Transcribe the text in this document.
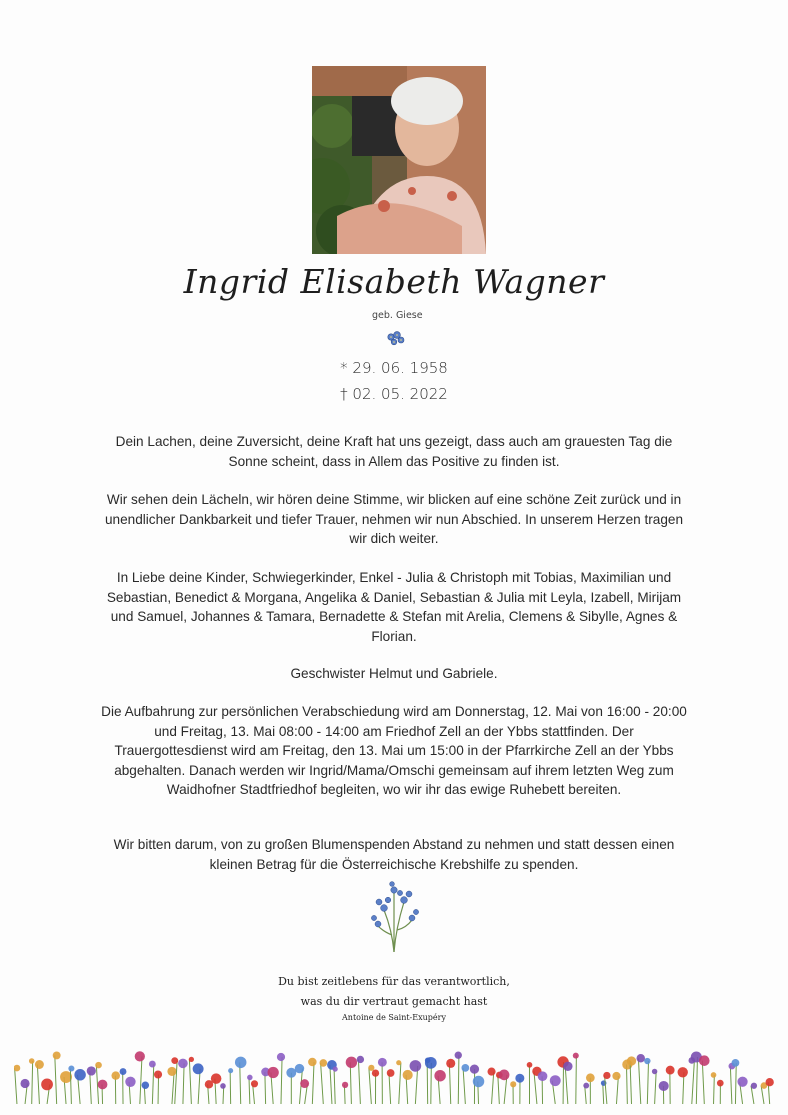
Ingrid Elisabeth Wagner
geb. Giese
* 29. 06. 1958
† 02. 05. 2022
Dein Lachen, deine Zuversicht, deine Kraft hat uns gezeigt, dass auch am grauesten Tag die Sonne scheint, dass in Allem das Positive zu finden ist.
Wir sehen dein Lächeln, wir hören deine Stimme, wir blicken auf eine schöne Zeit zurück und in unendlicher Dankbarkeit und tiefer Trauer, nehmen wir nun Abschied. In unserem Herzen tragen wir dich weiter.
In Liebe deine Kinder, Schwiegerkinder, Enkel - Julia & Christoph mit Tobias, Maximilian und Sebastian, Benedict & Morgana, Angelika & Daniel, Sebastian & Julia mit Leyla, Izabell, Mirijam und Samuel, Johannes & Tamara, Bernadette & Stefan mit Arelia, Clemens & Sibylle, Agnes & Florian.
Geschwister Helmut und Gabriele.
Die Aufbahrung zur persönlichen Verabschiedung wird am Donnerstag, 12. Mai von 16:00 - 20:00 und Freitag, 13. Mai 08:00 - 14:00 am Friedhof Zell an der Ybbs stattfinden. Der Trauergottesdienst wird am Freitag, den 13. Mai um 15:00 in der Pfarrkirche Zell an der Ybbs abgehalten. Danach werden wir Ingrid/Mama/Omschi gemeinsam auf ihrem letzten Weg zum Waidhofner Stadtfriedhof begleiten, wo wir ihr das ewige Ruhebett bereiten.
Wir bitten darum, von zu großen Blumenspenden Abstand zu nehmen und statt dessen einen kleinen Betrag für die Österreichische Krebshilfe zu spenden.
Du bist zeitlebens für das verantwortlich,
was du dir vertraut gemacht hast
Antoine de Saint-Exupéry
